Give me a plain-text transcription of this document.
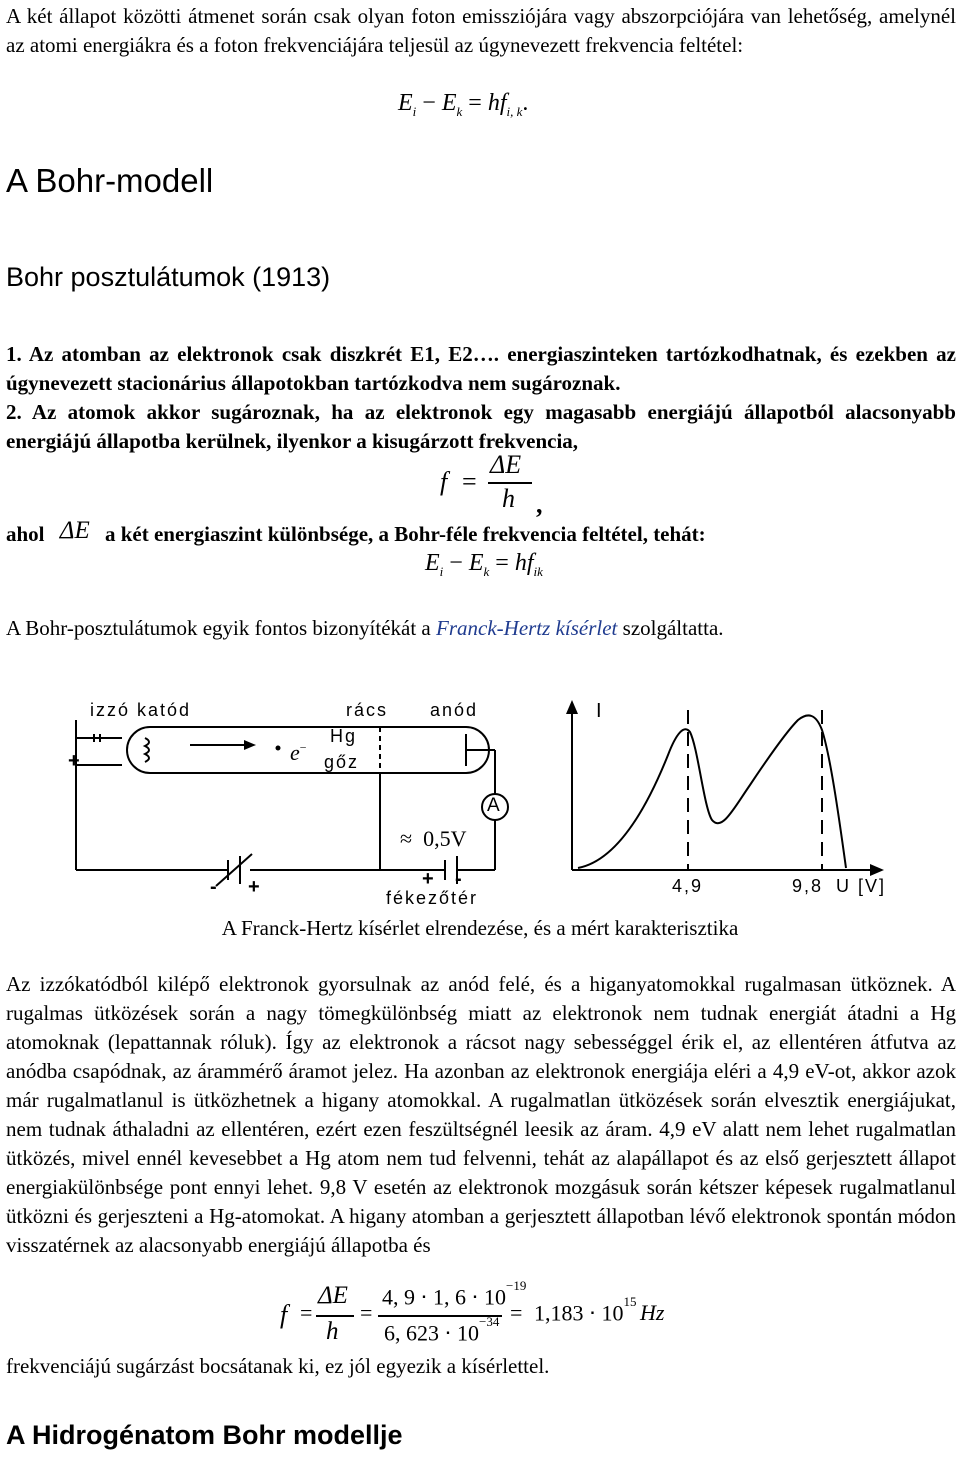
A két állapot közötti átmenet során csak olyan foton emissziójára vagy abszorpciójára van lehetőség, amelynél az atomi energiákra és a foton frekvenciájára teljesül az úgynevezett frekvencia feltétel:
$E_i - E_k = hf_{i, k}$.
A Bohr-modell
Bohr posztulátumok (1913)
1. Az atomban az elektronok csak diszkrét E1, E2…. energiaszinteken tartózkodhatnak, és ezekben az úgynevezett stacionárius állapotokban tartózkodva nem sugároznak.
2. Az atomok akkor sugároznak, ha az elektronok egy magasabb energiájú állapotból alacsonyabb energiájú állapotba kerülnek, ilyenkor a kisugárzott frekvencia,
f =
ΔE
h ,
ahol ΔE a két energiaszint különbsége, a Bohr-féle frekvencia feltétel, tehát:
$E_i - E_k = hf_{ik}$
A Bohr-posztulátumok egyik fontos bizonyítékát a Franck-Hertz kísérlet szolgáltatta.
izzó katód	rács anód
Hg
gőz
e−
+
A
≈ 0,5V
- +	+ -
fékezőtér
I
4,9	9,8 U [V]
A Franck-Hertz kísérlet elrendezése, és a mért karakterisztika
Az izzókatódból kilépő elektronok gyorsulnak az anód felé, és a higanyatomokkal rugalmasan ütköznek. A rugalmas ütközések során a nagy tömegkülönbség miatt az elektronok nem tudnak energiát átadni a Hg atomoknak (lepattannak róluk). Így az elektronok a rácsot nagy sebességgel érik el, az ellentéren átfutva az anódba csapódnak, az árammérő áramot jelez. Ha azonban az elektronok energiája eléri a 4,9 eV-ot, akkor azok már rugalmatlanul is ütközhetnek a higany atomokkal. A rugalmatlan ütközések során elvesztik energiájukat, nem tudnak áthaladni az ellentéren, ezért ezen feszültségnél leesik az áram. 4,9 eV alatt nem lehet rugalmatlan ütközés, mivel ennél kevesebbet a Hg atom nem tud felvenni, tehát az alapállapot és az első gerjesztett állapot energiakülönbsége pont ennyi lehet. 9,8 V esetén az elektronok mozgásuk során kétszer képesek rugalmatlanul ütközni és gerjeszteni a Hg-atomokat. A higany atomban a gerjesztett állapotban lévő elektronok spontán módon visszatérnek az alacsonyabb energiájú állapotba és
f =
ΔE
h
=
4, 9 ⋅ 1, $6 \cdot 10^{-19}$
6, $623 \cdot 10^{-34} = 1,183 \cdot 10^{15}$ Hz
frekvenciájú sugárzást bocsátanak ki, ez jól egyezik a kísérlettel.
A Hidrogénatom Bohr modellje
